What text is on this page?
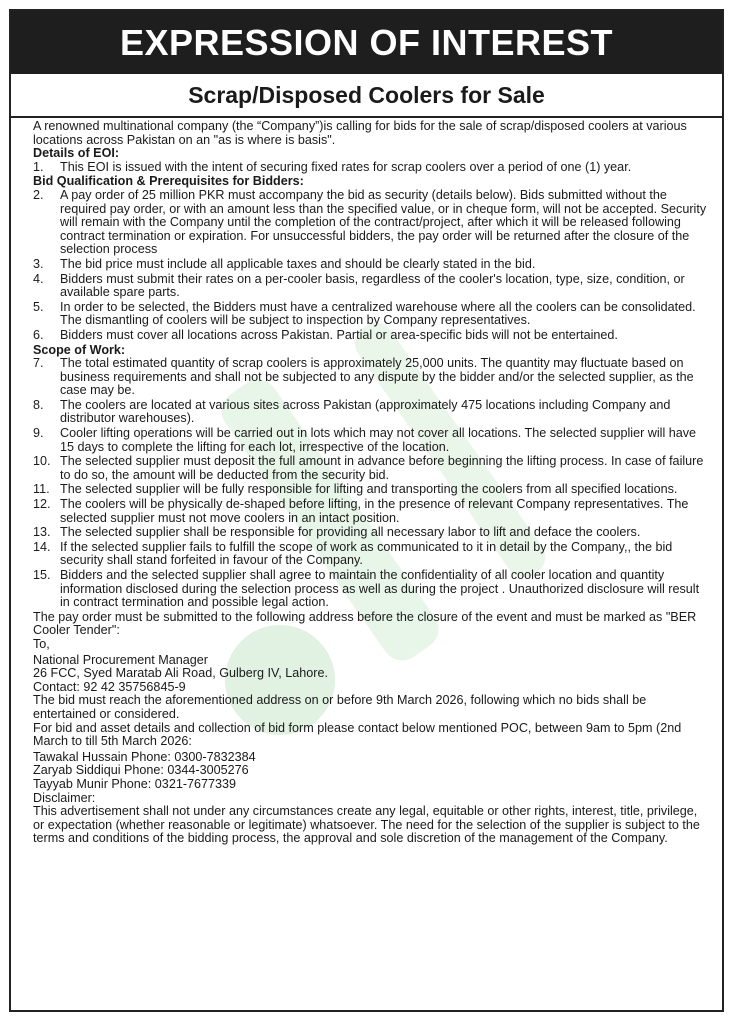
EXPRESSION OF INTEREST
Scrap/Disposed Coolers for Sale

A renowned multinational company (the “Company”)is calling for bids for the sale of scrap/disposed coolers at various locations across Pakistan on an "as is where is basis".

Details of EOI:

1.	This EOI is issued with the intent of securing fixed rates for scrap coolers over a period of one (1) year.

Bid Qualification & Prerequisites for Bidders:

2.	A pay order of 25 million PKR must accompany the bid as security (details below). Bids submitted without the required pay order, or with an amount less than the specified value, or in cheque form, will not be accepted. Security will remain with the Company until the completion of the contract/project, after which it will be released following contract termination or expiration. For unsuccessful bidders, the pay order will be returned after the closure of the selection process
3.	The bid price must include all applicable taxes and should be clearly stated in the bid.
4.	Bidders must submit their rates on a per-cooler basis, regardless of the cooler's location, type, size, condition, or available spare parts.
5.	In order to be selected, the Bidders must have a centralized warehouse where all the coolers can be consolidated. The dismantling of coolers will be subject to inspection by Company representatives.
6.	Bidders must cover all locations across Pakistan. Partial or area-specific bids will not be entertained.

Scope of Work:

7.	The total estimated quantity of scrap coolers is approximately 25,000 units. The quantity may fluctuate based on business requirements and shall not be subjected to any dispute by the bidder and/or the selected supplier, as the case may be.
8.	The coolers are located at various sites across Pakistan (approximately 475 locations including Company and distributor warehouses).
9.	Cooler lifting operations will be carried out in lots which may not cover all locations. The selected supplier will have 15 days to complete the lifting for each lot, irrespective of the location.
10. The selected supplier must deposit the full amount in advance before beginning the lifting process. In case of failure to do so, the amount will be deducted from the security bid.
11. The selected supplier will be fully responsible for lifting and transporting the coolers from all specified locations.
12. The coolers will be physically de-shaped before lifting, in the presence of relevant Company representatives. The selected supplier must not move coolers in an intact position.
13. The selected supplier shall be responsible for providing all necessary labor to lift and deface the coolers.
14. If the selected supplier fails to fulfill the scope of work as communicated to it in detail by the Company,, the bid security shall stand forfeited in favour of the Company.
15. Bidders and the selected supplier shall agree to maintain the confidentiality of all cooler location and quantity information disclosed during the selection process as well as during the project . Unauthorized disclosure will result in contract termination and possible legal action.

The pay order must be submitted to the following address before the closure of the event and must be marked as "BER Cooler Tender":

To,

National Procurement Manager

26 FCC, Syed Maratab Ali Road, Gulberg IV, Lahore.

Contact: 92 42 35756845-9

The bid must reach the aforementioned address on or before 9th March 2026, following which no bids shall be entertained or considered.

For bid and asset details and collection of bid form please contact below mentioned POC, between 9am to 5pm (2nd March to till 5th March 2026:

Tawakal Hussain Phone: 0300-7832384

Zaryab Siddiqui Phone: 0344-3005276

Tayyab Munir Phone: 0321-7677339

Disclaimer:

This advertisement shall not under any circumstances create any legal, equitable or other rights, interest, title, privilege, or expectation (whether reasonable or legitimate) whatsoever. The need for the selection of the supplier is subject to the terms and conditions of the bidding process, the approval and sole discretion of the management of the Company.
